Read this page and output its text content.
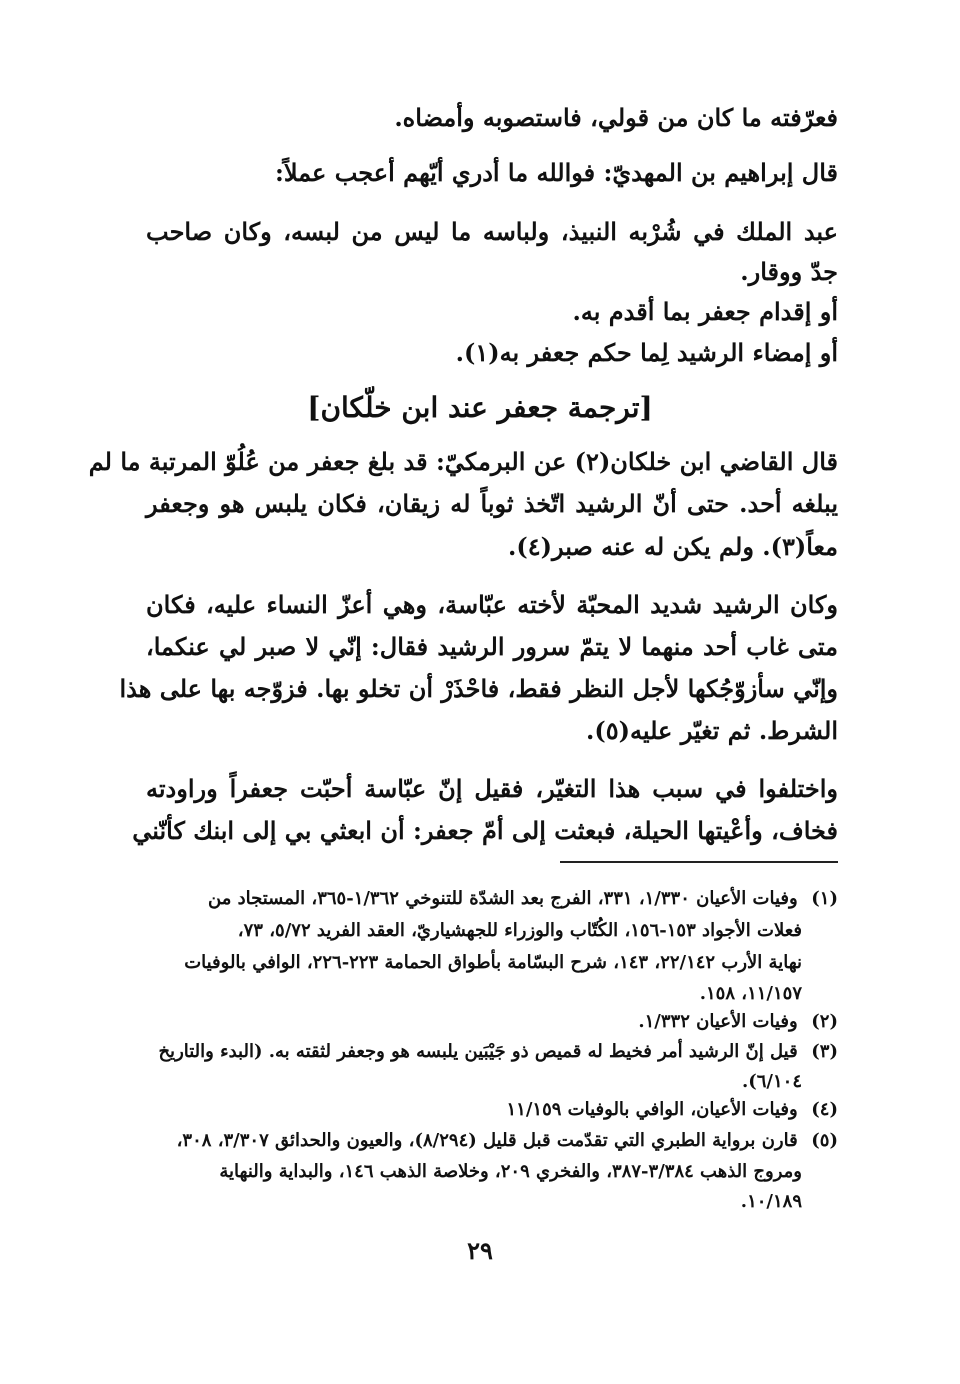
فعرّفته ما كان من قولي، فاستصوبه وأمضاه.
قال إبراهيم بن المهديّ: فوالله ما أدري أيّهم أعجب عملاً:
عبد الملك في شُرْبه النبيذ، ولباسه ما ليس من لبسه، وكان صاحب
جدّ ووقار.
أو إقدام جعفر بما أقدم به.
أو إمضاء الرشيد لِما حكم جعفر به(١).
[ترجمة جعفر عند ابن خلّكان]
قال القاضي ابن خلكان(٢) عن البرمكيّ: قد بلغ جعفر من عُلُوّ المرتبة ما لم
يبلغه أحد. حتى أنّ الرشيد اتّخذ ثوباً له زيقان، فكان يلبس هو وجعفر
معاً(٣). ولم يكن له عنه صبر(٤).
وكان الرشيد شديد المحبّة لأخته عبّاسة، وهي أعزّ النساء عليه، فكان
متى غاب أحد منهما لا يتمّ سرور الرشيد فقال: إنّي لا صبر لي عنكما،
وإنّي سأزوّجُكها لأجل النظر فقط، فاحْذَرْ أن تخلو بها. فزوّجه بها على هذا
الشرط. ثم تغيّر عليه(٥).
واختلفوا في سبب هذا التغيّر، فقيل إنّ عبّاسة أحبّت جعفراً وراودته
فخاف، وأعْيتها الحيلة، فبعثت إلى أمّ جعفر: أن ابعثي بي إلى ابنك كأنّني
(١) وفيات الأعيان ١/٣٣٠، ٣٣١، الفرج بعد الشدّة للتنوخي ١/٣٦٢-٣٦٥، المستجاد من
فعلات الأجواد ١٥٣-١٥٦، الكُتّاب والوزراء للجهشياريّ، العقد الفريد ٥/٧٢، ٧٣،
نهاية الأرب ٢٢/١٤٢، ١٤٣، شرح البسّامة بأطواق الحمامة ٢٢٣-٢٢٦، الوافي بالوفيات
١١/١٥٧، ١٥٨.
(٢) وفيات الأعيان ١/٣٣٢.
(٣) قيل إنّ الرشيد أمر فخيط له قميص ذو جَيْبَين يلبسه هو وجعفر لثقته به. (البدء والتاريخ
٦/١٠٤).
(٤) وفيات الأعيان، الوافي بالوفيات ١١/١٥٩
(٥) قارن برواية الطبري التي تقدّمت قبل قليل (٨/٢٩٤)، والعيون والحدائق ٣/٣٠٧، ٣٠٨،
ومروج الذهب ٣/٣٨٤-٣٨٧، والفخري ٢٠٩، وخلاصة الذهب ١٤٦، والبداية والنهاية
١٠/١٨٩.
٢٩
